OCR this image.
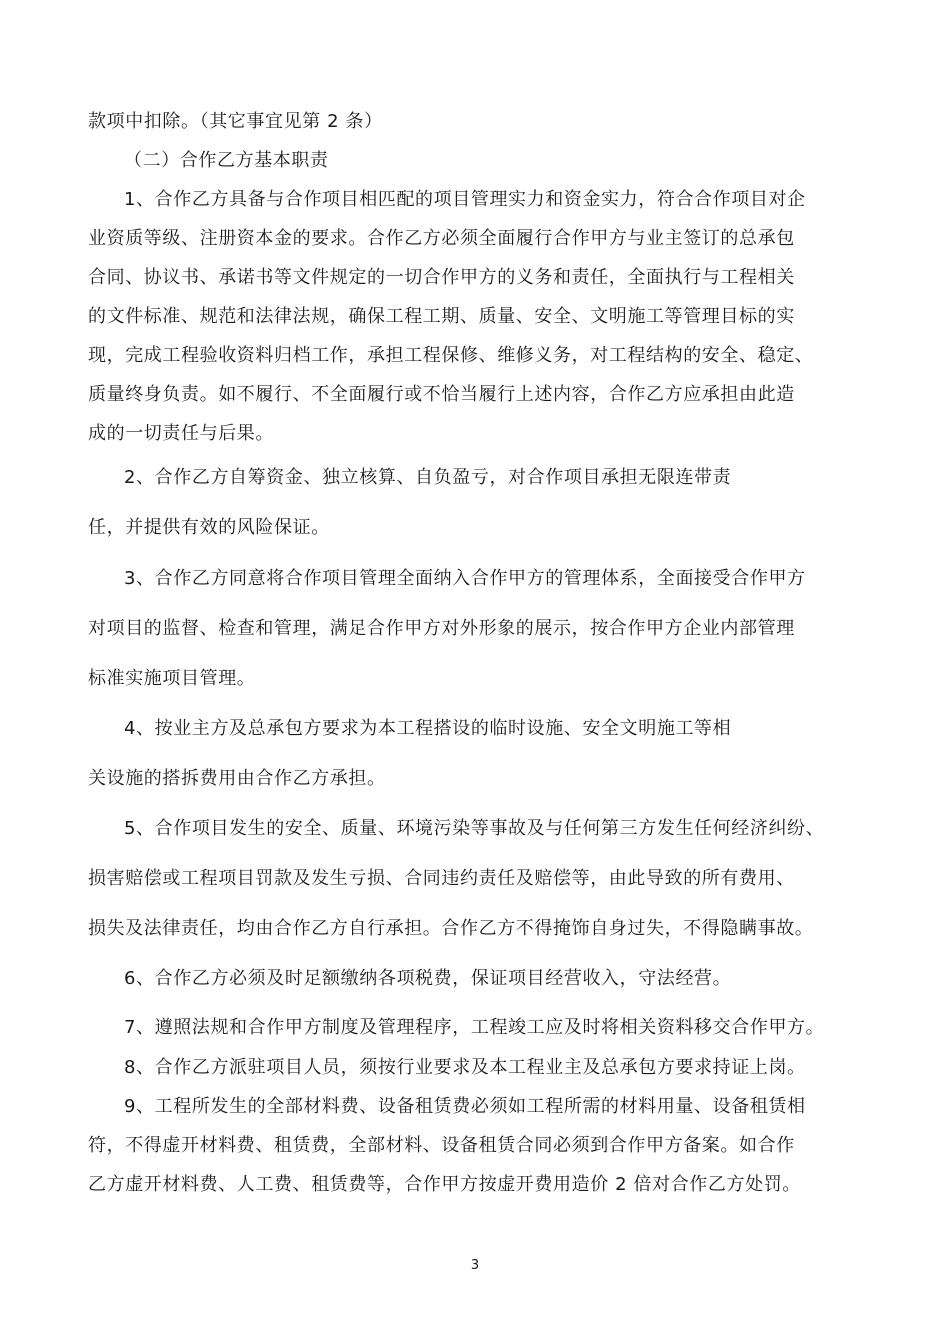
款项中扣除。（其它事宜见第 2 条）
（二）合作乙方基本职责
1、合作乙方具备与合作项目相匹配的项目管理实力和资金实力，符合合作项目对企
业资质等级、注册资本金的要求。合作乙方必须全面履行合作甲方与业主签订的总承包
合同、协议书、承诺书等文件规定的一切合作甲方的义务和责任，全面执行与工程相关
的文件标准、规范和法律法规，确保工程工期、质量、安全、文明施工等管理目标的实
现，完成工程验收资料归档工作，承担工程保修、维修义务，对工程结构的安全、稳定、
质量终身负责。如不履行、不全面履行或不恰当履行上述内容，合作乙方应承担由此造
成的一切责任与后果。
2、合作乙方自筹资金、独立核算、自负盈亏，对合作项目承担无限连带责
任，并提供有效的风险保证。
3、合作乙方同意将合作项目管理全面纳入合作甲方的管理体系，全面接受合作甲方
对项目的监督、检查和管理，满足合作甲方对外形象的展示，按合作甲方企业内部管理
标准实施项目管理。
4、按业主方及总承包方要求为本工程搭设的临时设施、安全文明施工等相
关设施的搭拆费用由合作乙方承担。
5、合作项目发生的安全、质量、环境污染等事故及与任何第三方发生任何经济纠纷、
损害赔偿或工程项目罚款及发生亏损、合同违约责任及赔偿等，由此导致的所有费用、
损失及法律责任，均由合作乙方自行承担。合作乙方不得掩饰自身过失，不得隐瞒事故。
6、合作乙方必须及时足额缴纳各项税费，保证项目经营收入，守法经营。
7、遵照法规和合作甲方制度及管理程序，工程竣工应及时将相关资料移交合作甲方。
8、合作乙方派驻项目人员，须按行业要求及本工程业主及总承包方要求持证上岗。
9、工程所发生的全部材料费、设备租赁费必须如工程所需的材料用量、设备租赁相
符，不得虚开材料费、租赁费，全部材料、设备租赁合同必须到合作甲方备案。如合作
乙方虚开材料费、人工费、租赁费等，合作甲方按虚开费用造价 2 倍对合作乙方处罚。
3
